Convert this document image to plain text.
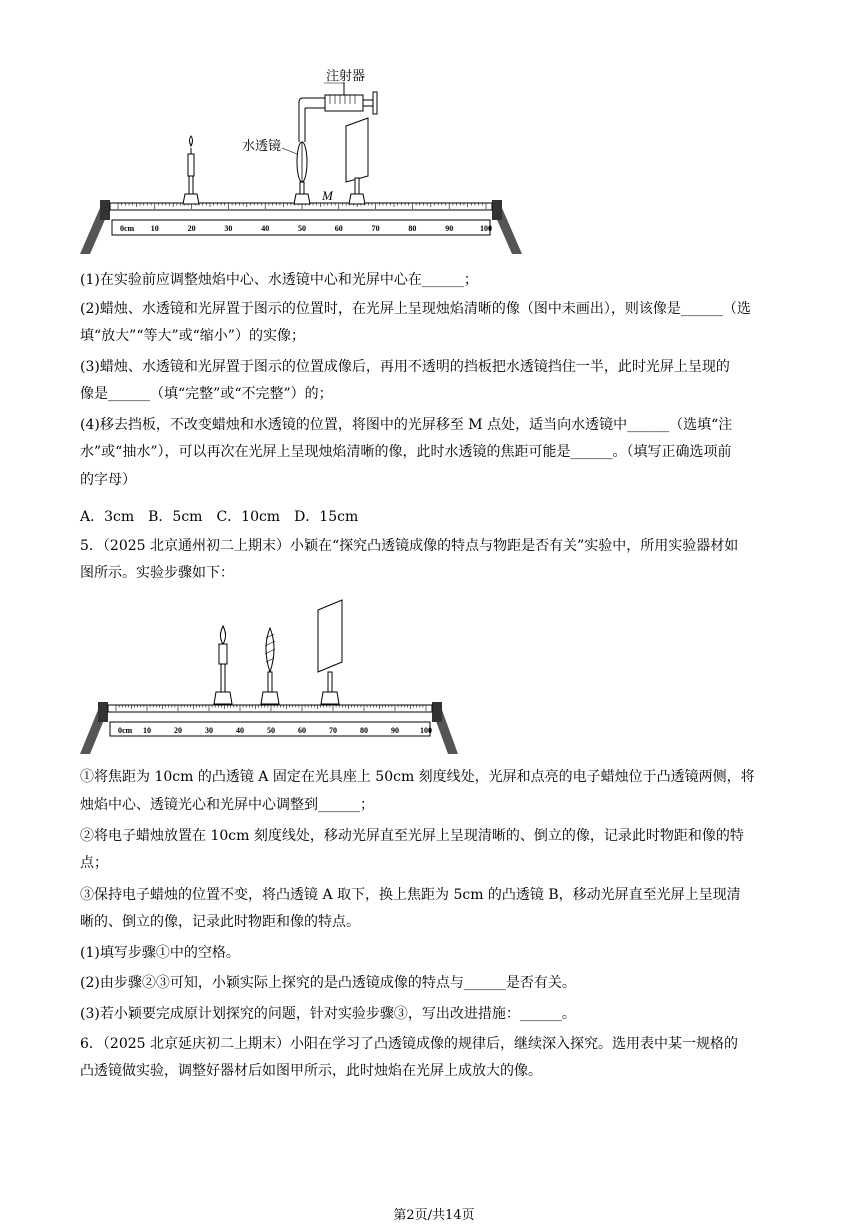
0cm 10	20	30	40	50	60	70	80	90	100
注射器
水透镜
M
(1)在实验前应调整烛焰中心、水透镜中心和光屏中心在______；
(2)蜡烛、水透镜和光屏置于图示的位置时，在光屏上呈现烛焰清晰的像（图中未画出），则该像是______（选
填“放大”“等大”或“缩小”）的实像；
(3)蜡烛、水透镜和光屏置于图示的位置成像后，再用不透明的挡板把水透镜挡住一半，此时光屏上呈现的
像是______（填“完整”或“不完整”）的；
(4)移去挡板，不改变蜡烛和水透镜的位置，将图中的光屏移至 M 点处，适当向水透镜中______（选填“注
水”或“抽水”），可以再次在光屏上呈现烛焰清晰的像，此时水透镜的焦距可能是______。（填写正确选项前
的字母）
A．3cm　B．5cm　C．10cm　D．15cm
5．（2025 北京通州初二上期末）小颖在“探究凸透镜成像的特点与物距是否有关”实验中，所用实验器材如
图所示。实验步骤如下：
0cm 10	20	30	40	50	60	70	80	90	100
①将焦距为 10cm 的凸透镜 A 固定在光具座上 50cm 刻度线处，光屏和点亮的电子蜡烛位于凸透镜两侧，将
烛焰中心、透镜光心和光屏中心调整到______；
②将电子蜡烛放置在 10cm 刻度线处，移动光屏直至光屏上呈现清晰的、倒立的像，记录此时物距和像的特
点；
③保持电子蜡烛的位置不变，将凸透镜 A 取下，换上焦距为 5cm 的凸透镜 B，移动光屏直至光屏上呈现清
晰的、倒立的像，记录此时物距和像的特点。
(1)填写步骤①中的空格。
(2)由步骤②③可知，小颖实际上探究的是凸透镜成像的特点与______是否有关。
(3)若小颖要完成原计划探究的问题，针对实验步骤③，写出改进措施：______。
6．（2025 北京延庆初二上期末）小阳在学习了凸透镜成像的规律后，继续深入探究。选用表中某一规格的
凸透镜做实验，调整好器材后如图甲所示，此时烛焰在光屏上成放大的像。
第2页/共14页
